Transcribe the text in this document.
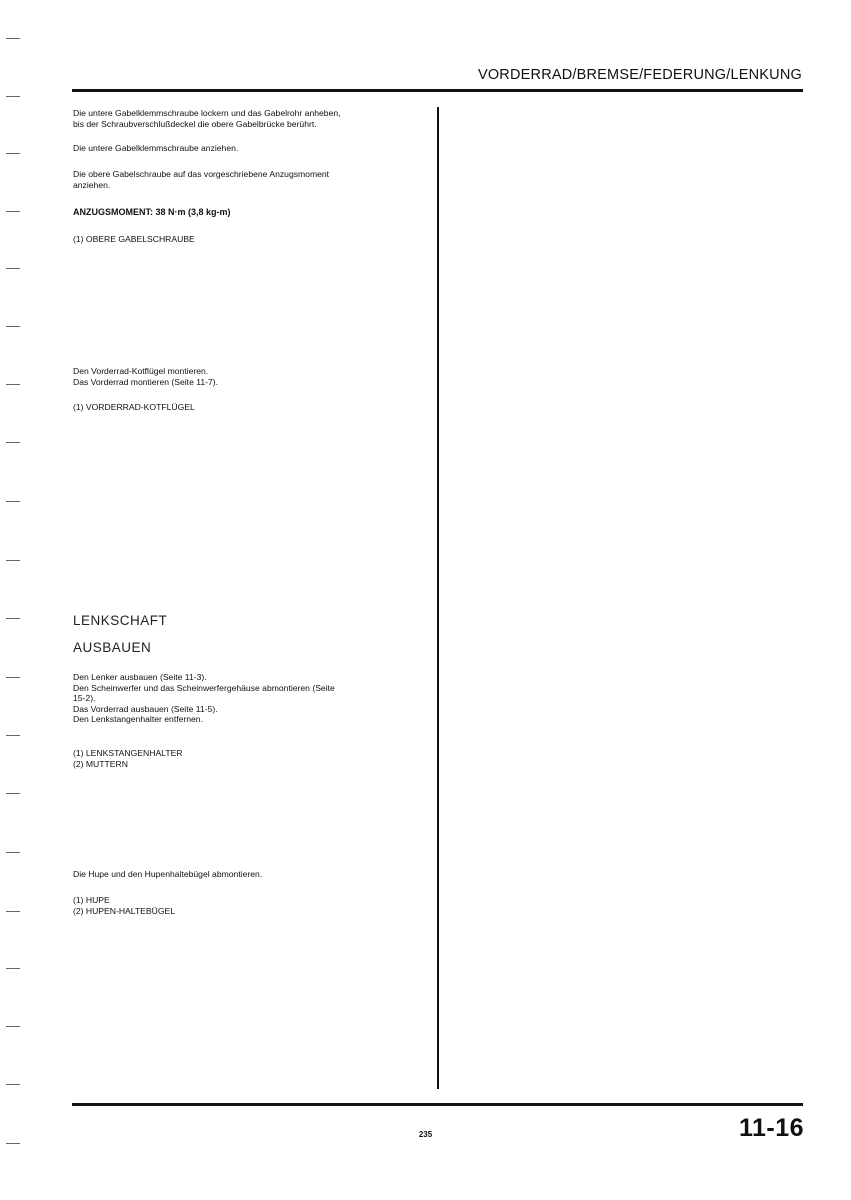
VORDERRAD/BREMSE/FEDERUNG/LENKUNG

Die untere Gabelklemmschraube lockern und das Gabelrohr anheben,

bis der Schraubverschlußdeckel die obere Gabelbrücke berührt.

Die untere Gabelklemmschraube anziehen.

Die obere Gabelschraube auf das vorgeschriebene Anzugsmoment

anziehen.

ANZUGSMOMENT: 38 N·m (3,8 kg-m)

(1) OBERE GABELSCHRAUBE

Den Vorderrad-Kotflügel montieren.

Das Vorderrad montieren (Seite 11-7).

(1) VORDERRAD-KOTFLÜGEL

LENKSCHAFT
AUSBAUEN

Den Lenker ausbauen (Seite 11-3).

Den Scheinwerfer und das Scheinwerfergehäuse abmontieren (Seite

15-2).

Das Vorderrad ausbauen (Seite 11-5).

Den Lenkstangenhalter entfernen.

(1) LENKSTANGENHALTER

(2) MUTTERN

Die Hupe und den Hupenhaltebügel abmontieren.

(1) HUPE

(2) HUPEN-HALTEBÜGEL

235	11-16
